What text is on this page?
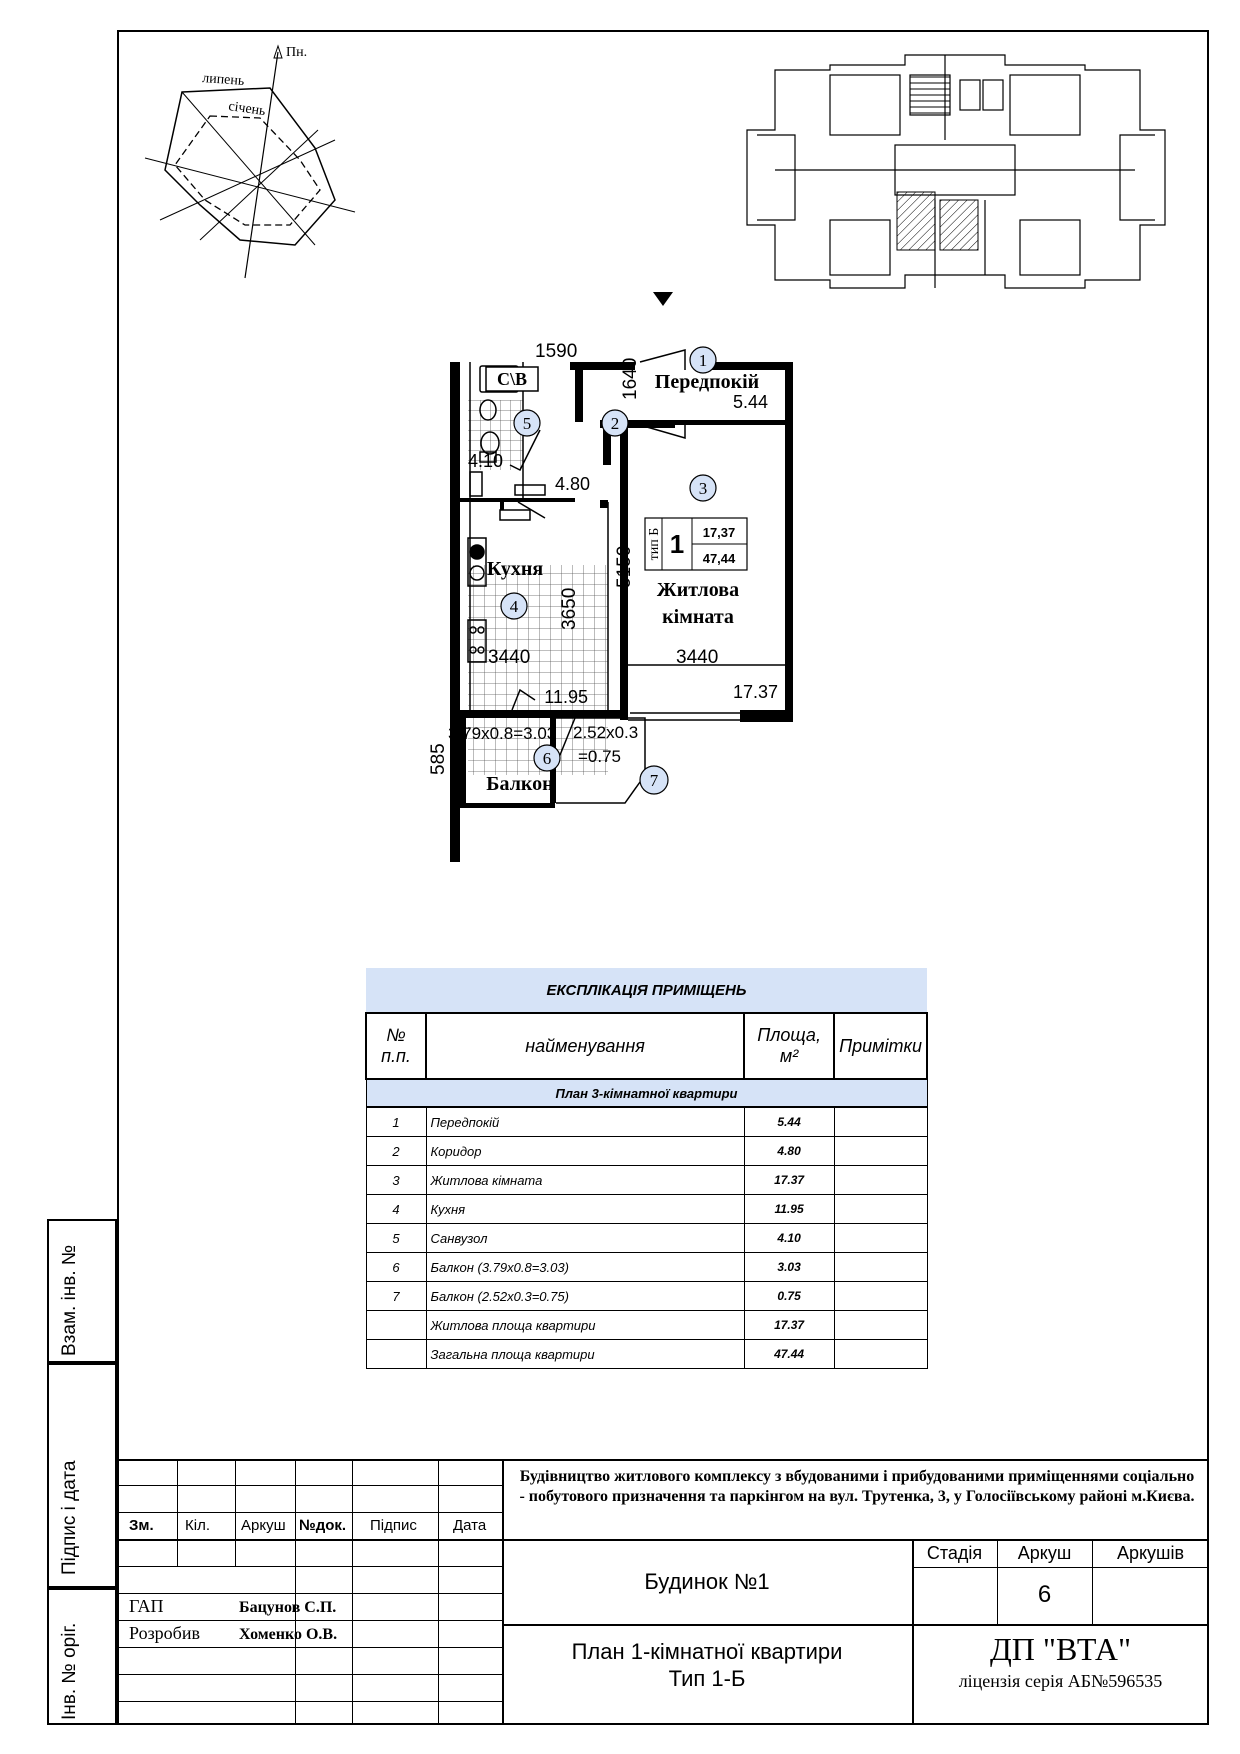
Взам. інв. №
Підпис і дата
Інв. № оріг.
Пн.
липень
січень
1
2
3
4
5
6
7
Передпокій
Житлова
кімната
Кухня
Балкон
5.44
4.80
17.37
11.95
4.10
3.79x0.8=3.03 2.52x0.3
=0.75
С\В
1590
1640
5150
3650
3440	3440
585
тип Б 1 17,37
47,44
ЕКСПЛІКАЦІЯ ПРИМІЩЕНЬ			
№ п.п.	найменування	Площа, м²	Примітки
План 3-кімнатної квартири			
1	Передпокій	5.44	
2	Коридор	4.80	
3	Житлова кімната	17.37	
4	Кухня	11.95	
5	Санвузол	4.10	
6	Балкон (3.79x0.8=3.03)	3.03	
7	Балкон (2.52x0.3=0.75)	0.75	
	Житлова площа квартири	17.37	
	Загальна площа квартири	47.44	
Будівництво житлового комплексу з вбудованими і прибудованими приміщеннями соціально - побутового призначення та паркінгом на вул. Трутенка, 3, у Голосіївському районі м.Києва.
Зм. Кіл. Аркуш №док. Підпис Дата
ГАП	Бацунов С.П.
Розробив Хоменко О.В.
Будинок №1
План 1-кімнатної квартири
Тип 1-Б
Стадія	Аркуш	Аркушів
6
ДП "ВТА"
ліцензія серія АБ№596535
